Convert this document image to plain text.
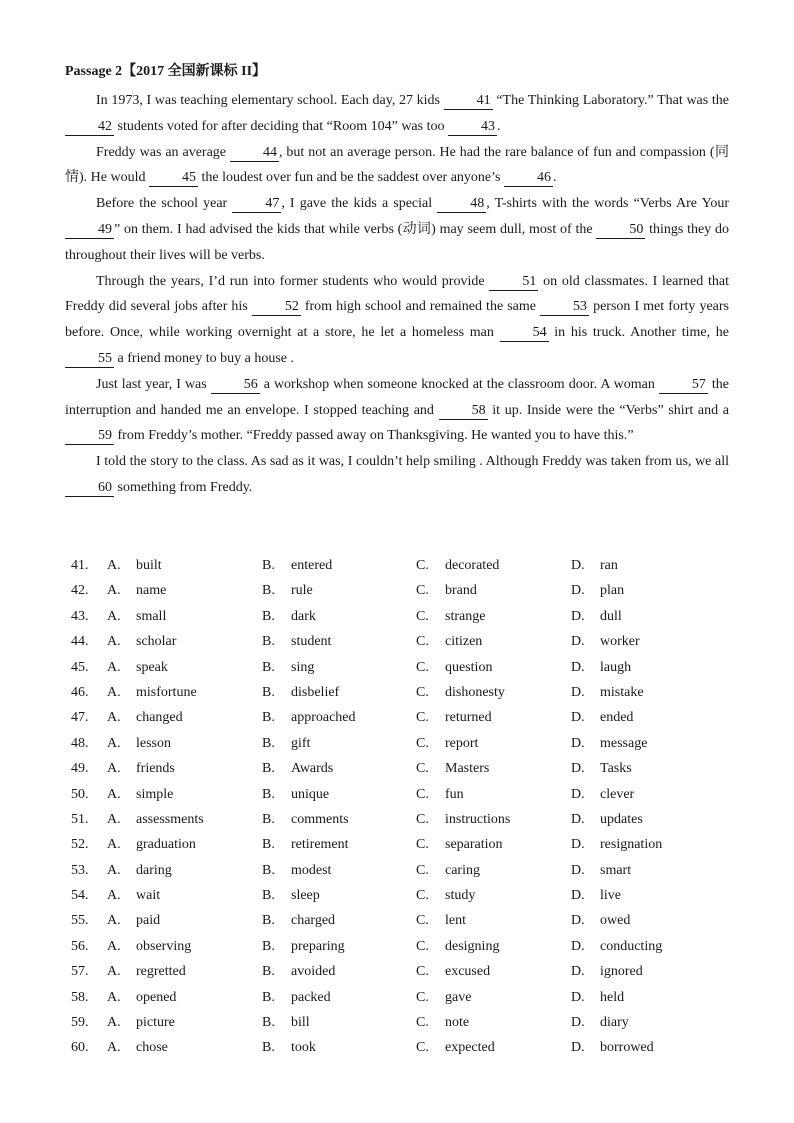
Passage 2【2017 全国新课标 II】

In 1973, I was teaching elementary school. Each day, 27 kids 41 “The Thinking Laboratory.” That was the 42 students voted for after deciding that “Room 104” was too 43 .

Freddy was an average 44 , but not an average person. He had the rare balance of fun and compassion (同情). He would 45 the loudest over fun and be the saddest over anyone’s 46 .

Before the school year 47 , I gave the kids a special 48 , T-shirts with the words “Verbs Are Your 49 ” on them. I had advised the kids that while verbs (动词) may seem dull, most of the 50 things they do throughout their lives will be verbs.

Through the years, I’d run into former students who would provide 51 on old classmates. I learned that Freddy did several jobs after his 52 from high school and remained the same 53 person I met forty years before. Once, while working overnight at a store, he let a homeless man 54 in his truck. Another time, he 55 a friend money to buy a house .

Just last year, I was 56 a workshop when someone knocked at the classroom door. A woman 57 the interruption and handed me an envelope. I stopped teaching and 58 it up. Inside were the “Verbs” shirt and a 59 from Freddy’s mother. “Freddy passed away on Thanksgiving. He wanted you to have this.”

I told the story to the class. As sad as it was, I couldn’t help smiling . Although Freddy was taken from us, we all 60 something from Freddy.

41. A. built	B. entered	C. decorated	D. ran
42. A. name	B. rule	C. brand	D. plan
43. A. small	B. dark	C. strange	D. dull
44. A. scholar	B. student	C. citizen	D. worker
45. A. speak	B. sing	C. question	D. laugh
46. A. misfortune	B. disbelief	C. dishonesty	D. mistake
47. A. changed	B. approached	C. returned	D. ended
48. A. lesson	B. gift	C. report	D. message
49. A. friends	B. Awards	C. Masters	D. Tasks
50. A. simple	B. unique	C. fun	D. clever
51. A. assessments	B. comments	C. instructions	D. updates
52. A. graduation	B. retirement	C. separation	D. resignation
53. A. daring	B. modest	C. caring	D. smart
54. A. wait	B. sleep	C. study	D. live
55. A. paid	B. charged	C. lent	D. owed
56. A. observing	B. preparing	C. designing	D. conducting
57. A. regretted	B. avoided	C. excused	D. ignored
58. A. opened	B. packed	C. gave	D. held
59. A. picture	B. bill	C. note	D. diary
60. A. chose	B. took	C. expected	D. borrowed
